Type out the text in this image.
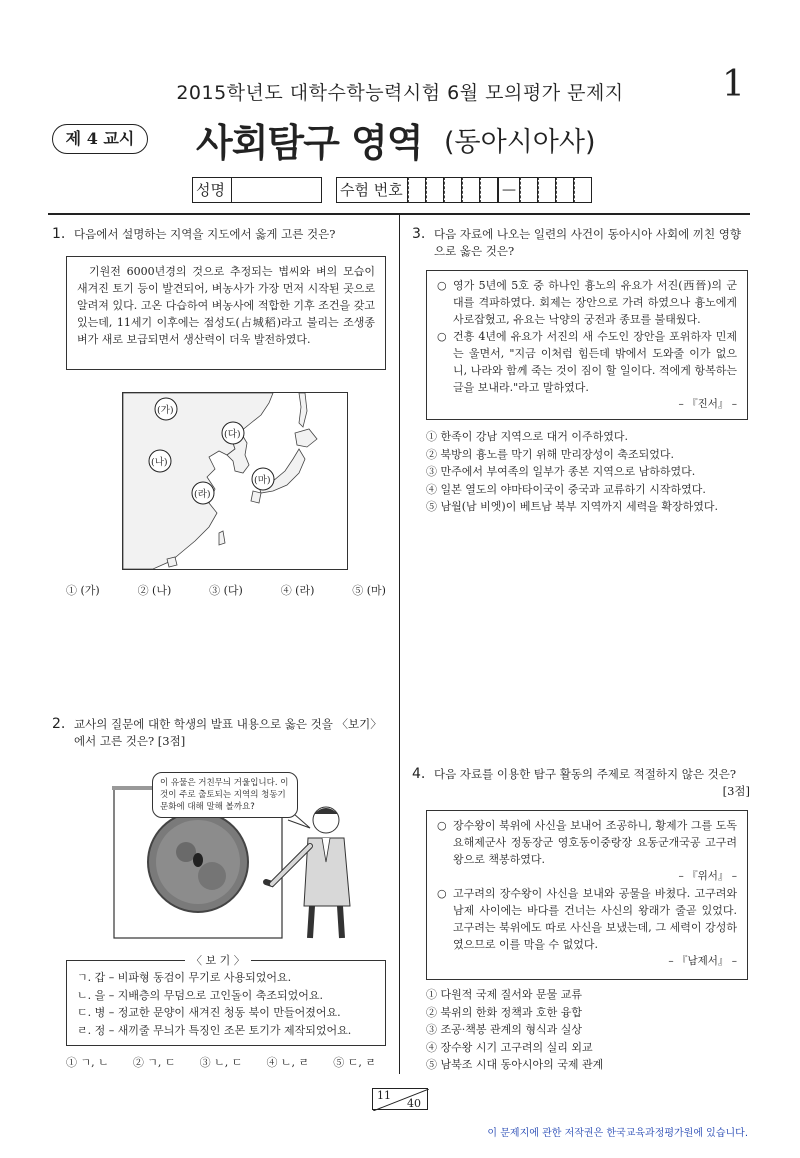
2015학년도 대학수학능력시험 6월 모의평가 문제지	1
제 4 교시	사회탐구 영역 (동아시아사)
성명	수험 번호	—
1. 다음에서 설명하는 지역을 지도에서 옳게 고른 것은?
기원전 6000년경의 것으로 추정되는 볍씨와 벼의 모습이 새겨진 토기 등이 발견되어, 벼농사가 가장 먼저 시작된 곳으로 알려져 있다. 고온 다습하여 벼농사에 적합한 기후 조건을 갖고 있는데, 11세기 이후에는 점성도(占城稻)라고 불리는 조생종 벼가 새로 보급되면서 생산력이 더욱 발전하였다.
(가)
(다)
(나)
(라)
(마)
① (가)	② (나)	③ (다)	④ (라)	⑤ (마)
2. 교사의 질문에 대한 학생의 발표 내용으로 옳은 것을 〈보기〉에서 고른 것은? [3점]
이 유물은 거친무늬 거울입니다. 이것이 주로 출토되는 지역의 청동기 문화에 대해 말해 볼까요?
〈 보 기 〉
ㄱ. 갑 – 비파형 동검이 무기로 사용되었어요.
ㄴ. 을 – 지배층의 무덤으로 고인돌이 축조되었어요.
ㄷ. 병 – 정교한 문양이 새겨진 청동 북이 만들어졌어요.
ㄹ. 정 – 새끼줄 무늬가 특징인 조몬 토기가 제작되었어요.
① ㄱ, ㄴ ② ㄱ, ㄷ ③ ㄴ, ㄷ ④ ㄴ, ㄹ ⑤ ㄷ, ㄹ
3. 다음 자료에 나오는 일련의 사건이 동아시아 사회에 끼친 영향으로 옳은 것은?
○ 영가 5년에 5호 중 하나인 흉노의 유요가 서진(西晉)의 군대를 격파하였다. 회제는 장안으로 가려 하였으나 흉노에게 사로잡혔고, 유요는 낙양의 궁전과 종묘를 불태웠다.
○ 건흥 4년에 유요가 서진의 새 수도인 장안을 포위하자 민제는 울면서, "지금 이처럼 힘든데 밖에서 도와줄 이가 없으니, 나라와 함께 죽는 것이 짐이 할 일이다. 적에게 항복하는 글을 보내라."라고 말하였다.
– 『진서』 –
① 한족이 강남 지역으로 대거 이주하였다.
② 북방의 흉노를 막기 위해 만리장성이 축조되었다.
③ 만주에서 부여족의 일부가 종본 지역으로 남하하였다.
④ 일본 열도의 야마타이국이 중국과 교류하기 시작하였다.
⑤ 남월(남 비엣)이 베트남 북부 지역까지 세력을 확장하였다.
4. 다음 자료를 이용한 탐구 활동의 주제로 적절하지 않은 것은?
[3점]
○ 장수왕이 북위에 사신을 보내어 조공하니, 황제가 그를 도독요해제군사 정동장군 영호동이중랑장 요동군개국공 고구려왕으로 책봉하였다.
– 『위서』 –
○ 고구려의 장수왕이 사신을 보내와 공물을 바쳤다. 고구려와 남제 사이에는 바다를 건너는 사신의 왕래가 줄곧 있었다. 고구려는 북위에도 따로 사신을 보냈는데, 그 세력이 강성하였으므로 이를 막을 수 없었다.
– 『남제서』 –
① 다원적 국제 질서와 문물 교류
② 북위의 한화 정책과 호한 융합
③ 조공·책봉 관계의 형식과 실상
④ 장수왕 시기 고구려의 실리 외교
⑤ 남북조 시대 동아시아의 국제 관계
11
40
이 문제지에 관한 저작권은 한국교육과정평가원에 있습니다.
